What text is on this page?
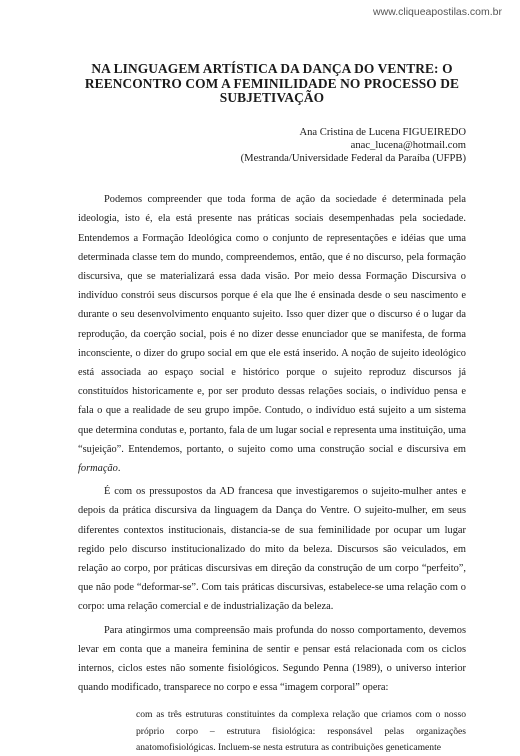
www.cliqueapostilas.com.br
NA LINGUAGEM ARTÍSTICA DA DANÇA DO VENTRE: O
REENCONTRO COM A FEMINILIDADE NO PROCESSO DE
SUBJETIVAÇÃO
Ana Cristina de Lucena FIGUEIREDO
anac_lucena@hotmail.com
(Mestranda/Universidade Federal da Paraíba (UFPB)

Podemos compreender que toda forma de ação da sociedade é determinada pela ideologia, isto é, ela está presente nas práticas sociais desempenhadas pela sociedade. Entendemos a Formação Ideológica como o conjunto de representações e idéias que uma determinada classe tem do mundo, compreendemos, então, que é no discurso, pela formação discursiva, que se materializará essa dada visão. Por meio dessa Formação Discursiva o indivíduo constrói seus discursos porque é ela que lhe é ensinada desde o seu nascimento e durante o seu desenvolvimento enquanto sujeito. Isso quer dizer que o discurso é o lugar da reprodução, da coerção social, pois é no dizer desse enunciador que se manifesta, de forma inconsciente, o dizer do grupo social em que ele está inserido. A noção de sujeito ideológico está associada ao espaço social e histórico porque o sujeito reproduz discursos já constituídos historicamente e, por ser produto dessas relações sociais, o indivíduo pensa e fala o que a realidade de seu grupo impõe. Contudo, o indivíduo está sujeito a um sistema que determina condutas e, portanto, fala de um lugar social e representa uma instituição, uma “sujeição”. Entendemos, portanto, o sujeito como uma construção social e discursiva em formação.

É com os pressupostos da AD francesa que investigaremos o sujeito-mulher antes e depois da prática discursiva da linguagem da Dança do Ventre. O sujeito-mulher, em seus diferentes contextos institucionais, distancia-se de sua feminilidade por ocupar um lugar regido pelo discurso institucionalizado do mito da beleza. Discursos são veiculados, em relação ao corpo, por práticas discursivas em direção da construção de um corpo “perfeito”, que não pode “deformar-se”. Com tais práticas discursivas, estabelece-se uma relação com o corpo: uma relação comercial e de industrialização da beleza.

Para atingirmos uma compreensão mais profunda do nosso comportamento, devemos levar em conta que a maneira feminina de sentir e pensar está relacionada com os ciclos internos, ciclos estes não somente fisiológicos. Segundo Penna (1989), o universo interior quando modificado, transparece no corpo e essa “imagem corporal” opera:

com as três estruturas constituintes da complexa relação que criamos com o nosso próprio corpo – estrutura fisiológica: responsável pelas organizações anatomofisiológicas. Incluem-se nesta estrutura as contribuições geneticamente
